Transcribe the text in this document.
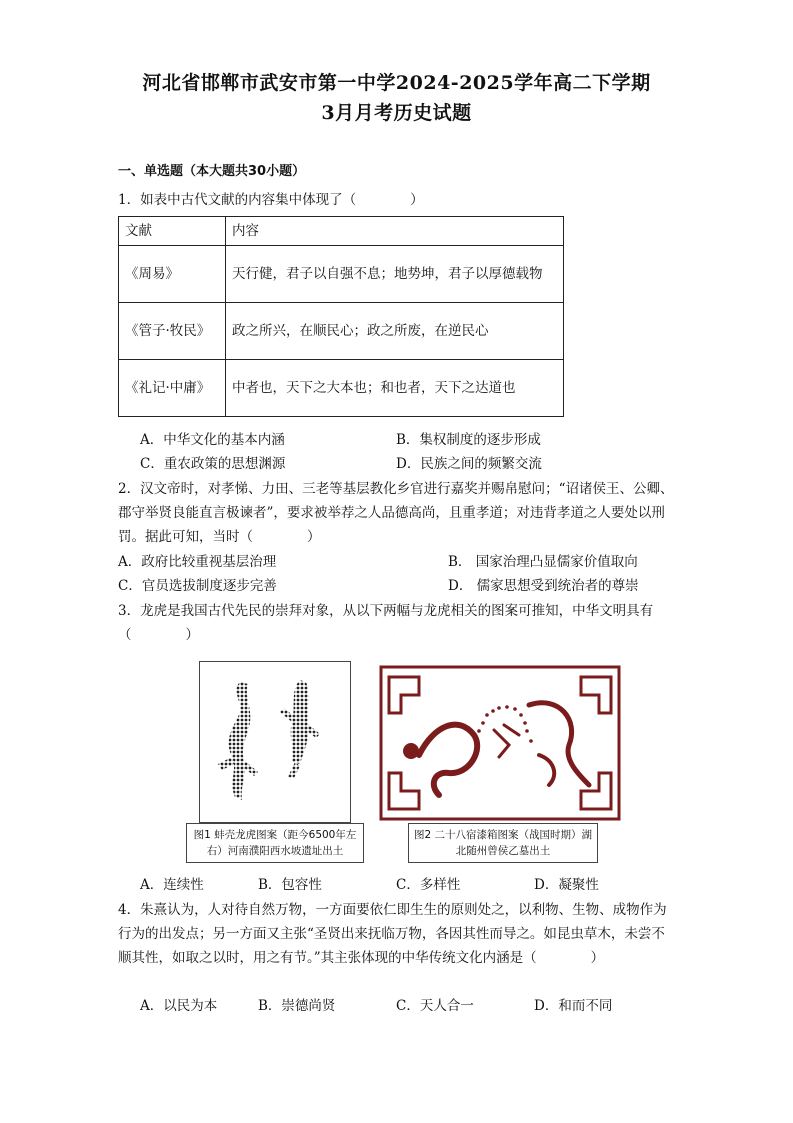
河北省邯郸市武安市第一中学2024-2025学年高二下学期
3月月考历史试题
一、单选题（本大题共30小题）
1．如表中古代文献的内容集中体现了（　　　　）
文献	内容
《周易》	天行健，君子以自强不息；地势坤，君子以厚德载物
《管子·牧民》	政之所兴，在顺民心；政之所废，在逆民心
《礼记·中庸》	中者也，天下之大本也；和也者，天下之达道也
A．中华文化的基本内涵	B．集权制度的逐步形成
C．重农政策的思想渊源	D．民族之间的频繁交流
2．汉文帝时，对孝悌、力田、三老等基层教化乡官进行嘉奖并赐帛慰问；“诏诸侯王、公卿、郡守举贤良能直言极谏者”，要求被举荐之人品德高尚，且重孝道；对违背孝道之人要处以刑罚。据此可知，当时（　　　　）
A．政府比较重视基层治理	B． 国家治理凸显儒家价值取向
C．官员选拔制度逐步完善	D． 儒家思想受到统治者的尊崇
3．龙虎是我国古代先民的崇拜对象，从以下两幅与龙虎相关的图案可推知，中华文明具有（　　　　）
图1 蚌壳龙虎图案（距今6500年左右）河南濮阳西水坡遗址出土
图2 二十八宿漆箱图案（战国时期）湖北随州曾侯乙墓出土
A．连续性	B．包容性	C．多样性	D．凝聚性
4．朱熹认为，人对待自然万物，一方面要依仁即生生的原则处之，以利物、生物、成物作为行为的出发点；另一方面又主张“圣贤出来抚临万物，各因其性而导之。如昆虫草木，未尝不顺其性，如取之以时，用之有节。”其主张体现的中华传统文化内涵是（　　　　）
A．以民为本	B．崇德尚贤	C．天人合一	D．和而不同
